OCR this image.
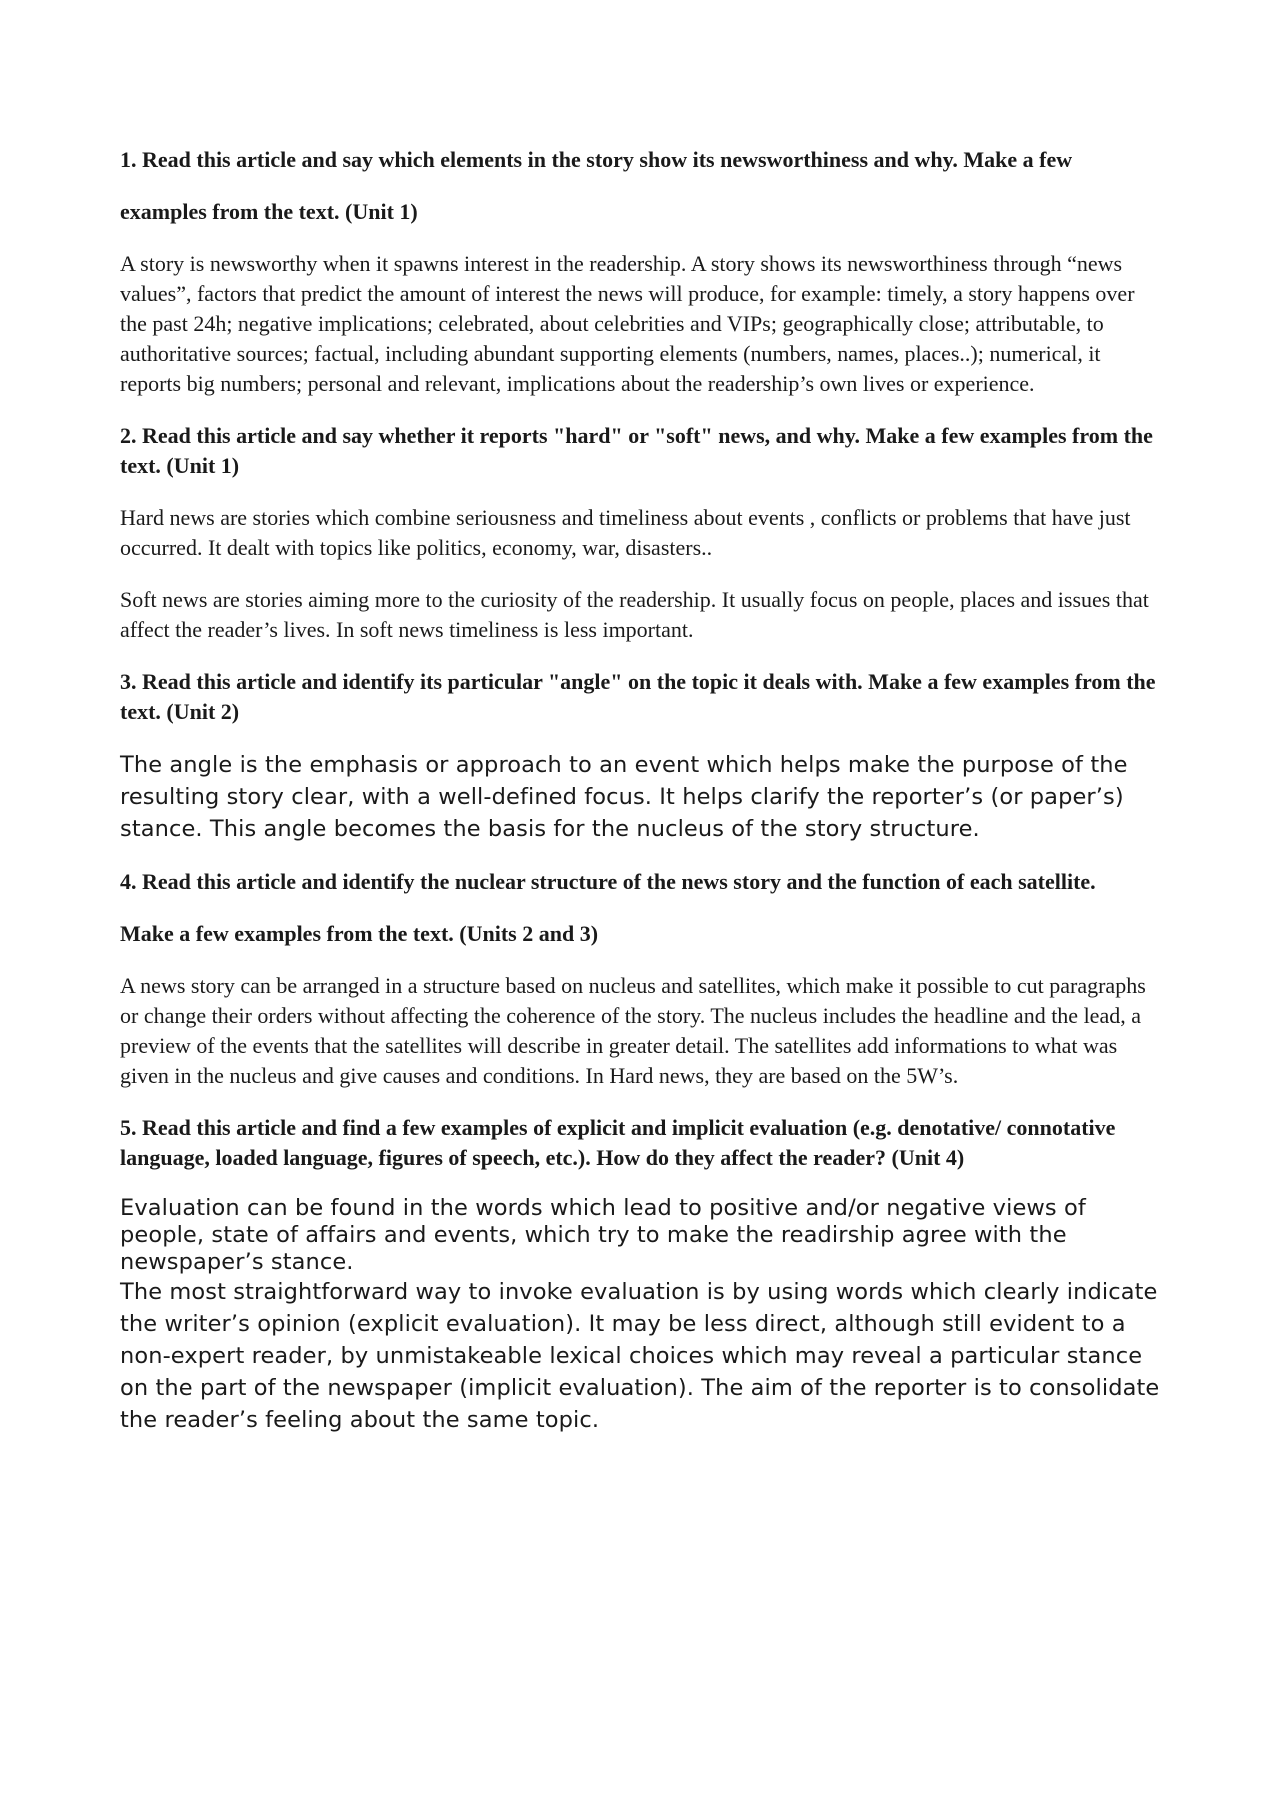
1. Read this article and say which elements in the story show its newsworthiness and why. Make a few
examples from the text. (Unit 1)

A story is newsworthy when it spawns interest in the readership. A story shows its newsworthiness through “news values”, factors that predict the amount of interest the news will produce, for example: timely, a story happens over the past 24h; negative implications; celebrated, about celebrities and VIPs; geographically close; attributable, to authoritative sources; factual, including abundant supporting elements (numbers, names, places..); numerical, it reports big numbers; personal and relevant, implications about the readership’s own lives or experience.

2. Read this article and say whether it reports "hard" or "soft" news, and why. Make a few examples from the text. (Unit 1)

Hard news are stories which combine seriousness and timeliness about events , conflicts or problems that have just occurred. It dealt with topics like politics, economy, war, disasters..

Soft news are stories aiming more to the curiosity of the readership. It usually focus on people, places and issues that affect the reader’s lives. In soft news timeliness is less important.

3. Read this article and identify its particular "angle" on the topic it deals with. Make a few examples from the text. (Unit 2)

The angle is the emphasis or approach to an event which helps make the purpose of the resulting story clear, with a well-defined focus. It helps clarify the reporter’s (or paper’s) stance. This angle becomes the basis for the nucleus of the story structure.

4. Read this article and identify the nuclear structure of the news story and the function of each satellite.
Make a few examples from the text. (Units 2 and 3)

A news story can be arranged in a structure based on nucleus and satellites, which make it possible to cut paragraphs or change their orders without affecting the coherence of the story. The nucleus includes the headline and the lead, a preview of the events that the satellites will describe in greater detail. The satellites add informations to what was given in the nucleus and give causes and conditions. In Hard news, they are based on the 5W’s.

5. Read this article and find a few examples of explicit and implicit evaluation (e.g. denotative/ connotative language, loaded language, figures of speech, etc.). How do they affect the reader? (Unit 4)

Evaluation can be found in the words which lead to positive and/or negative views of people, state of affairs and events, which try to make the readirship agree with the newspaper’s stance.

The most straightforward way to invoke evaluation is by using words which clearly indicate the writer’s opinion (explicit evaluation). It may be less direct, although still evident to a non-expert reader, by unmistakeable lexical choices which may reveal a particular stance on the part of the newspaper (implicit evaluation). The aim of the reporter is to consolidate the reader’s feeling about the same topic.
